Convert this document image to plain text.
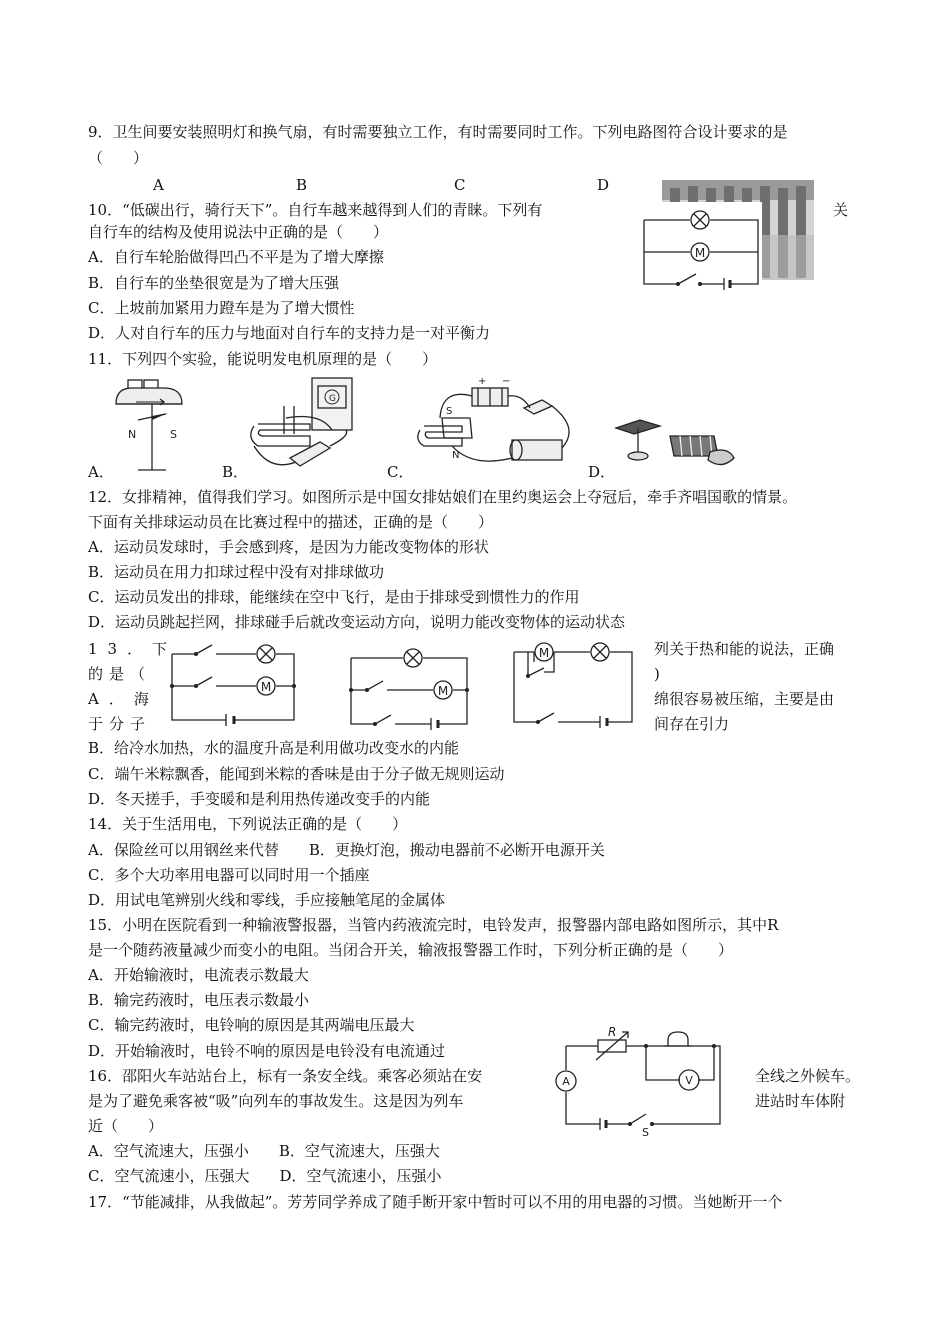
9．卫生间要安装照明灯和换气扇，有时需要独立工作，有时需要同时工作。下列电路图符合设计要求的是
（　　）
A	B	C	D
10．“低碳出行，骑行天下”。自行车越来越得到人们的青睐。下列有	关
自行车的结构及使用说法中正确的是（　　）
A．自行车轮胎做得凹凸不平是为了增大摩擦
B．自行车的坐垫很宽是为了增大压强
C．上坡前加紧用力蹬车是为了增大惯性
D．人对自行车的压力与地面对自行车的支持力是一对平衡力
M
11．下列四个实验，能说明发电机原理的是（　　）
N	S
G
+ −
S
N
A．	B．	C．	D．
12．女排精神，值得我们学习。如图所示是中国女排姑娘们在里约奥运会上夺冠后，牵手齐唱国歌的情景。
下面有关排球运动员在比赛过程中的描述，正确的是（　　）
A．运动员发球时，手会感到疼，是因为力能改变物体的形状
B．运动员在用力扣球过程中没有对排球做功
C．运动员发出的排球，能继续在空中飞行，是由于排球受到惯性力的作用
D．运动员跳起拦网，排球碰手后就改变运动方向，说明力能改变物体的运动状态
13．下
的是（
A．海
于分子
列关于热和能的说法，正确
)
绵很容易被压缩，主要是由
间存在引力
M	M
M
B．给冷水加热，水的温度升高是利用做功改变水的内能
C．端午米粽飘香，能闻到米粽的香味是由于分子做无规则运动
D．冬天搓手，手变暖和是利用热传递改变手的内能
14．关于生活用电，下列说法正确的是（　　）
A．保险丝可以用钢丝来代替　　B．更换灯泡，搬动电器前不必断开电源开关
C．多个大功率用电器可以同时用一个插座
D．用试电笔辨别火线和零线，手应接触笔尾的金属体
15．小明在医院看到一种输液警报器，当管内药液流完时，电铃发声，报警器内部电路如图所示，其中R
是一个随药液量减少而变小的电阻。当闭合开关，输液报警器工作时，下列分析正确的是（　　）
A．开始输液时，电流表示数最大
B．输完药液时，电压表示数最小
C．输完药液时，电铃响的原因是其两端电压最大
D．开始输液时，电铃不响的原因是电铃没有电流通过
R
A	V
S
16．邵阳火车站站台上，标有一条安全线。乘客必须站在安
是为了避免乘客被“吸”向列车的事故发生。这是因为列车
近（　　）
全线之外候车。
进站时车体附
A．空气流速大，压强小　　B．空气流速大，压强大
C．空气流速小，压强大　　D．空气流速小，压强小
17．“节能减排，从我做起”。芳芳同学养成了随手断开家中暂时可以不用的用电器的习惯。当她断开一个
